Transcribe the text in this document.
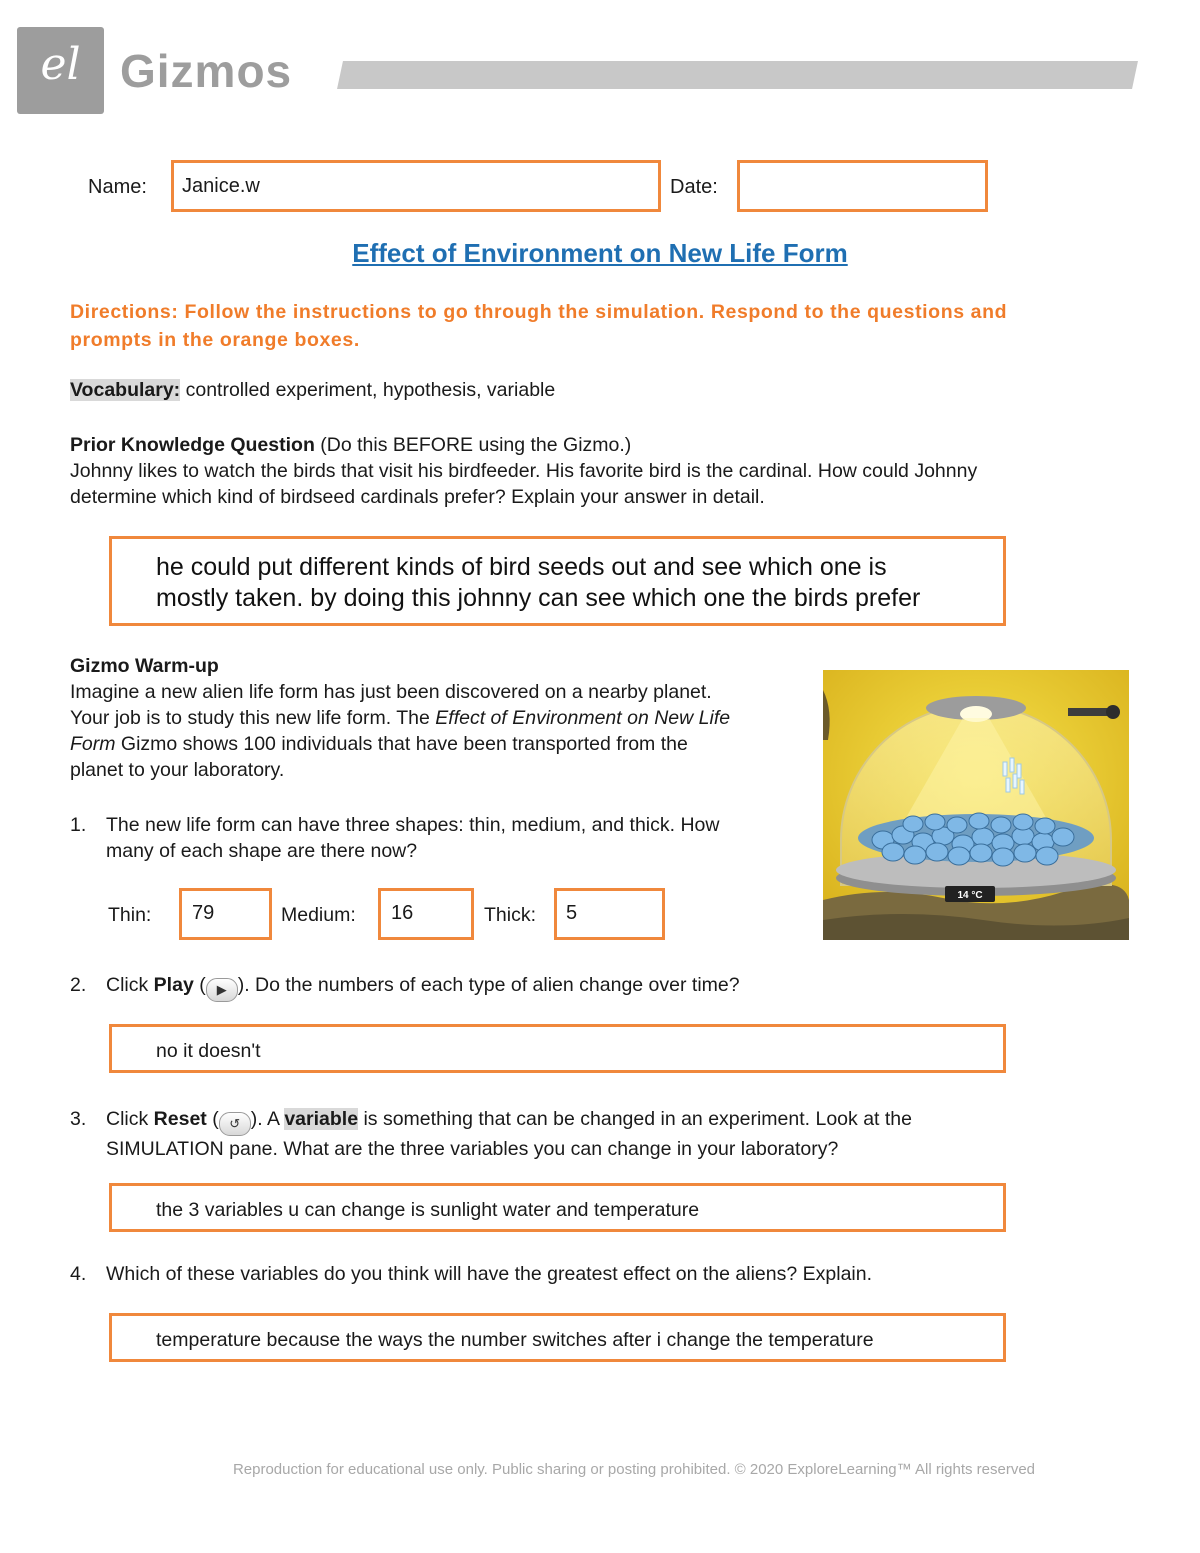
el Gizmos
Name:	Janice.w	Date:
Effect of Environment on New Life Form
Directions: Follow the instructions to go through the simulation. Respond to the questions and
prompts in the orange boxes.
Vocabulary: controlled experiment, hypothesis, variable
Prior Knowledge Question (Do this BEFORE using the Gizmo.)
Johnny likes to watch the birds that visit his birdfeeder. His favorite bird is the cardinal. How could Johnny
determine which kind of birdseed cardinals prefer? Explain your answer in detail.
he could put different kinds of bird seeds out and see which one is
mostly taken. by doing this johnny can see which one the birds prefer
Gizmo Warm-up
Imagine a new alien life form has just been discovered on a nearby planet.
Your job is to study this new life form. The Effect of Environment on New Life
Form Gizmo shows 100 individuals that have been transported from the
planet to your laboratory.
14 °C
1. The new life form can have three shapes: thin, medium, and thick. How
many of each shape are there now?
Thin:	79	Medium:	16	Thick:	5
2. Click Play ( ▶ ). Do the numbers of each type of alien change over time?
no it doesn't
3. Click Reset ( ↺ ). A variable is something that can be changed in an experiment. Look at the
SIMULATION pane. What are the three variables you can change in your laboratory?
the 3 variables u can change is sunlight water and temperature
4. Which of these variables do you think will have the greatest effect on the aliens? Explain.
temperature because the ways the number switches after i change the temperature
Reproduction for educational use only. Public sharing or posting prohibited. © 2020 ExploreLearning™ All rights reserved
